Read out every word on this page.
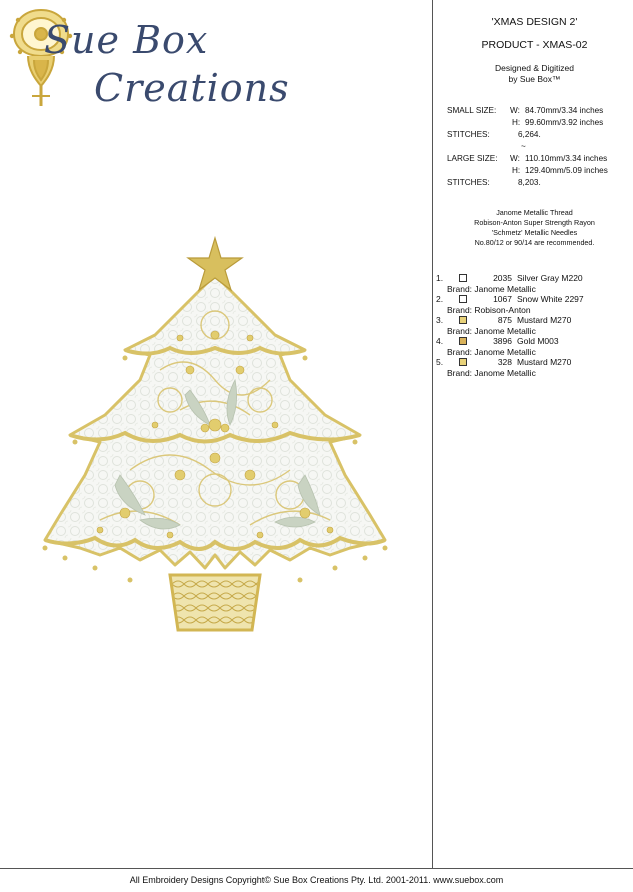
Sue Box
Creations
'XMAS DESIGN 2'
PRODUCT - XMAS-02
Designed & Digitized
by Sue Box™
SMALL SIZE: W: 84.70mm/3.34 inches
H: 99.60mm/3.92 inches
STITCHES:	6,264.
~
LARGE SIZE: W: 110.10mm/3.34 inches
H: 129.40mm/5.09 inches
STITCHES:	8,203.
Janome Metallic Thread
Robison-Anton Super Strength Rayon
'Schmetz' Metallic Needles
No.80/12 or 90/14 are recommended.
1.	2035 Silver Gray M220
Brand: Janome Metallic
2.	1067 Snow White 2297
Brand: Robison-Anton
3.	875 Mustard M270
Brand: Janome Metallic
4.	3896 Gold M003
Brand: Janome Metallic
5.	328 Mustard M270
Brand: Janome Metallic
All Embroidery Designs Copyright© Sue Box Creations Pty. Ltd. 2001-2011. www.suebox.com
